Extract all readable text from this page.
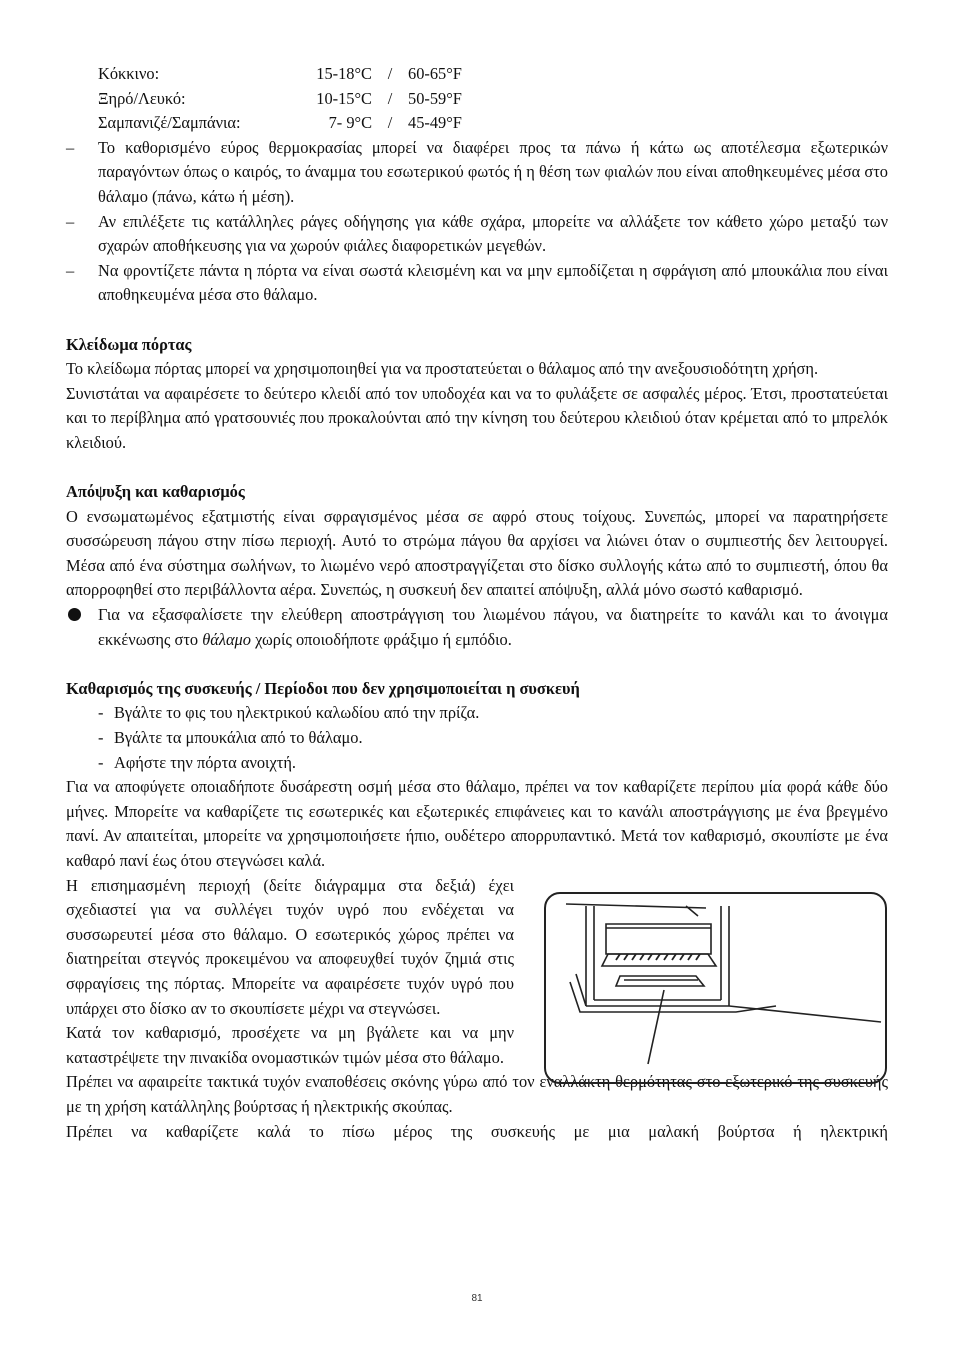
Κόκκινο:	15-18°C / 60-65°F
Ξηρό/Λευκό:	10-15°C / 50-59°F
Σαμπανιζέ/Σαμπάνια:	7- 9°C / 45-49°F
–	Το καθορισμένο εύρος θερμοκρασίας μπορεί να διαφέρει προς τα πάνω ή κάτω ως αποτέλεσμα εξωτερικών παραγόντων όπως ο καιρός, το άναμμα του εσωτερικού φωτός ή η θέση των φιαλών που είναι αποθηκευμένες μέσα στο θάλαμο (πάνω, κάτω ή μέση).
–	Αν επιλέξετε τις κατάλληλες ράγες οδήγησης για κάθε σχάρα, μπορείτε να αλλάξετε τον κάθετο χώρο μεταξύ των σχαρών αποθήκευσης για να χωρούν φιάλες διαφορετικών μεγεθών.
–	Να φροντίζετε πάντα η πόρτα να είναι σωστά κλεισμένη και να μην εμποδίζεται η σφράγιση από μπουκάλια που είναι αποθηκευμένα μέσα στο θάλαμο.
Κλείδωμα πόρτας

Το κλείδωμα πόρτας μπορεί να χρησιμοποιηθεί για να προστατεύεται ο θάλαμος από την ανεξουσιοδότητη χρήση.

Συνιστάται να αφαιρέσετε το δεύτερο κλειδί από τον υποδοχέα και να το φυλάξετε σε ασφαλές μέρος. Έτσι, προστατεύεται και το περίβλημα από γρατσουνιές που προκαλούνται από την κίνηση του δεύτερου κλειδιού όταν κρέμεται από το μπρελόκ κλειδιού.

Απόψυξη και καθαρισμός

Ο ενσωματωμένος εξατμιστής είναι σφραγισμένος μέσα σε αφρό στους τοίχους. Συνεπώς, μπορεί να παρατηρήσετε συσσώρευση πάγου στην πίσω περιοχή. Αυτό το στρώμα πάγου θα αρχίσει να λιώνει όταν ο συμπιεστής δεν λειτουργεί. Μέσα από ένα σύστημα σωλήνων, το λιωμένο νερό αποστραγγίζεται στο δίσκο συλλογής κάτω από το συμπιεστή, όπου θα απορροφηθεί στο περιβάλλοντα αέρα. Συνεπώς, η συσκευή δεν απαιτεί απόψυξη, αλλά μόνο σωστό καθαρισμό.

Για να εξασφαλίσετε την ελεύθερη αποστράγγιση του λιωμένου πάγου, να διατηρείτε το κανάλι και το άνοιγμα εκκένωσης στο θάλαμο χωρίς οποιοδήποτε φράξιμο ή εμπόδιο.
Καθαρισμός της συσκευής / Περίοδοι που δεν χρησιμοποιείται η συσκευή
- Βγάλτε το φις του ηλεκτρικού καλωδίου από την πρίζα.
- Βγάλτε τα μπουκάλια από το θάλαμο.
- Αφήστε την πόρτα ανοιχτή.

Για να αποφύγετε οποιαδήποτε δυσάρεστη οσμή μέσα στο θάλαμο, πρέπει να τον καθαρίζετε περίπου μία φορά κάθε δύο μήνες. Μπορείτε να καθαρίζετε τις εσωτερικές και εξωτερικές επιφάνειες και το κανάλι αποστράγγισης με ένα βρεγμένο πανί. Αν απαιτείται, μπορείτε να χρησιμοποιήσετε ήπιο, ουδέτερο απορρυπαντικό. Μετά τον καθαρισμό, σκουπίστε με ένα καθαρό πανί έως ότου στεγνώσει καλά.

Η επισημασμένη περιοχή (δείτε διάγραμμα στα δεξιά) έχει σχεδιαστεί για να συλλέγει τυχόν υγρό που ενδέχεται να συσσωρευτεί μέσα στο θάλαμο. Ο εσωτερικός χώρος πρέπει να διατηρείται στεγνός προκειμένου να αποφευχθεί τυχόν ζημιά στις σφραγίσεις της πόρτας. Μπορείτε να αφαιρέσετε τυχόν υγρό που υπάρχει στο δίσκο αν το σκουπίσετε μέχρι να στεγνώσει.

Κατά τον καθαρισμό, προσέχετε να μη βγάλετε και να μην καταστρέψετε την πινακίδα ονομαστικών τιμών μέσα στο θάλαμο.

Πρέπει να αφαιρείτε τακτικά τυχόν εναποθέσεις σκόνης γύρω από τον εναλλάκτη θερμότητας στο εξωτερικό της συσκευής με τη χρήση κατάλληλης βούρτσας ή ηλεκτρικής σκούπας.

Πρέπει να καθαρίζετε καλά το πίσω μέρος της συσκευής με μια μαλακή βούρτσα ή ηλεκτρική

81
